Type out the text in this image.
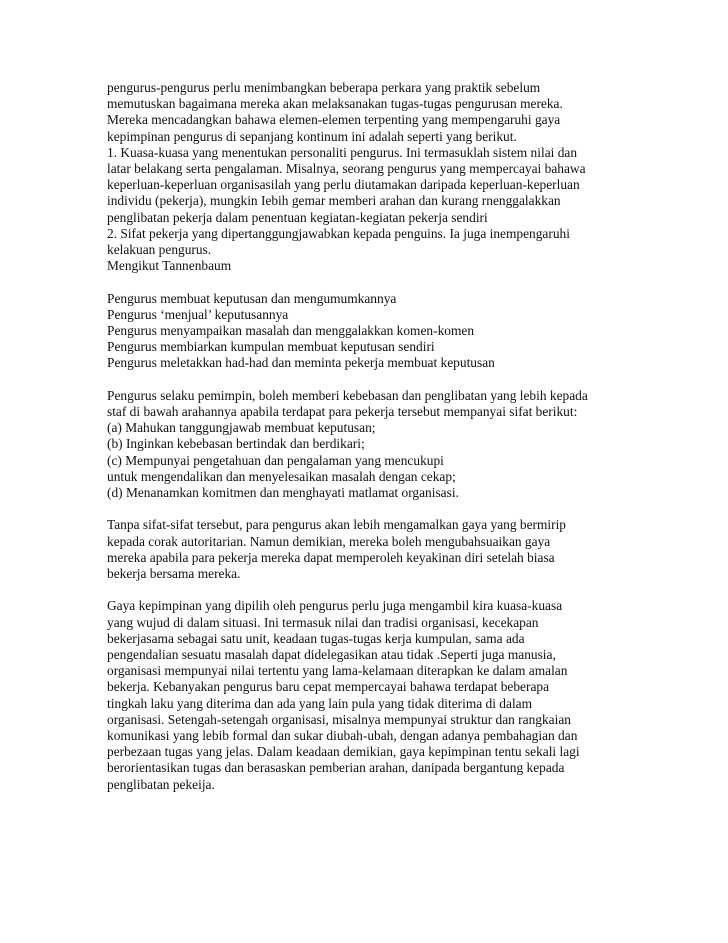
pengurus-pengurus perlu menimbangkan beberapa perkara yang praktik sebelum
memutuskan bagaimana mereka akan melaksanakan tugas-tugas pengurusan mereka.
Mereka mencadangkan bahawa elemen-elemen terpenting yang mempengaruhi gaya
kepimpinan pengurus di sepanjang kontinum ini adalah seperti yang berikut.
1. Kuasa-kuasa yang menentukan personaliti pengurus. Ini termasuklah sistem nilai dan
latar belakang serta pengalaman. Misalnya, seorang pengurus yang mempercayai bahawa
keperluan-keperluan organisasilah yang perlu diutamakan daripada keperluan-keperluan
individu (pekerja), mungkin Iebih gemar memberi arahan dan kurang rnenggalakkan
penglibatan pekerja dalam penentuan kegiatan-kegiatan pekerja sendiri
2. Sifat pekerja yang dipertanggungjawabkan kepada penguins. Ia juga inempengaruhi
kelakuan pengurus.
Mengikut Tannenbaum
Pengurus membuat keputusan dan mengumumkannya
Pengurus ‘menjual’ keputusannya
Pengurus menyampaikan masalah dan menggalakkan komen-komen
Pengurus membiarkan kumpulan membuat keputusan sendiri
Pengurus meletakkan had-had dan meminta pekerja membuat keputusan
Pengurus selaku pemimpin, boleh memberi kebebasan dan penglibatan yang lebih kepada
staf di bawah arahannya apabila terdapat para pekerja tersebut mempanyai sifat berikut:
(a) Mahukan tanggungjawab membuat keputusan;
(b) Inginkan kebebasan bertindak dan berdikari;
(c) Mempunyai pengetahuan dan pengalaman yang mencukupi
untuk mengendalikan dan menyelesaikan masalah dengan cekap;
(d) Menanamkan komitmen dan menghayati matlamat organisasi.
Tanpa sifat-sifat tersebut, para pengurus akan lebih mengamalkan gaya yang bermirip
kepada corak autoritarian. Namun demikian, mereka boleh mengubahsuaikan gaya
mereka apabila para pekerja mereka dapat memperoleh keyakinan diri setelah biasa
bekerja bersama mereka.
Gaya kepimpinan yang dipilih oleh pengurus perlu juga mengambil kira kuasa-kuasa
yang wujud di dalam situasi. Ini termasuk nilai dan tradisi organisasi, kecekapan
bekerjasama sebagai satu unit, keadaan tugas-tugas kerja kumpulan, sama ada
pengendalian sesuatu masalah dapat didelegasikan atau tidak .Seperti juga manusia,
organisasi mempunyai nilai tertentu yang lama-kelamaan diterapkan ke dalam amalan
bekerja. Kebanyakan pengurus baru cepat mempercayai bahawa terdapat beberapa
tingkah laku yang diterima dan ada yang lain pula yang tidak diterima di dalam
organisasi. Setengah-setengah organisasi, misalnya mempunyai struktur dan rangkaian
komunikasi yang lebib formal dan sukar diubah-ubah, dengan adanya pembahagian dan
perbezaan tugas yang jelas. Dalam keadaan demikian, gaya kepimpinan tentu sekali lagi
berorientasikan tugas dan berasaskan pemberian arahan, danipada bergantung kepada
penglibatan pekeija.
